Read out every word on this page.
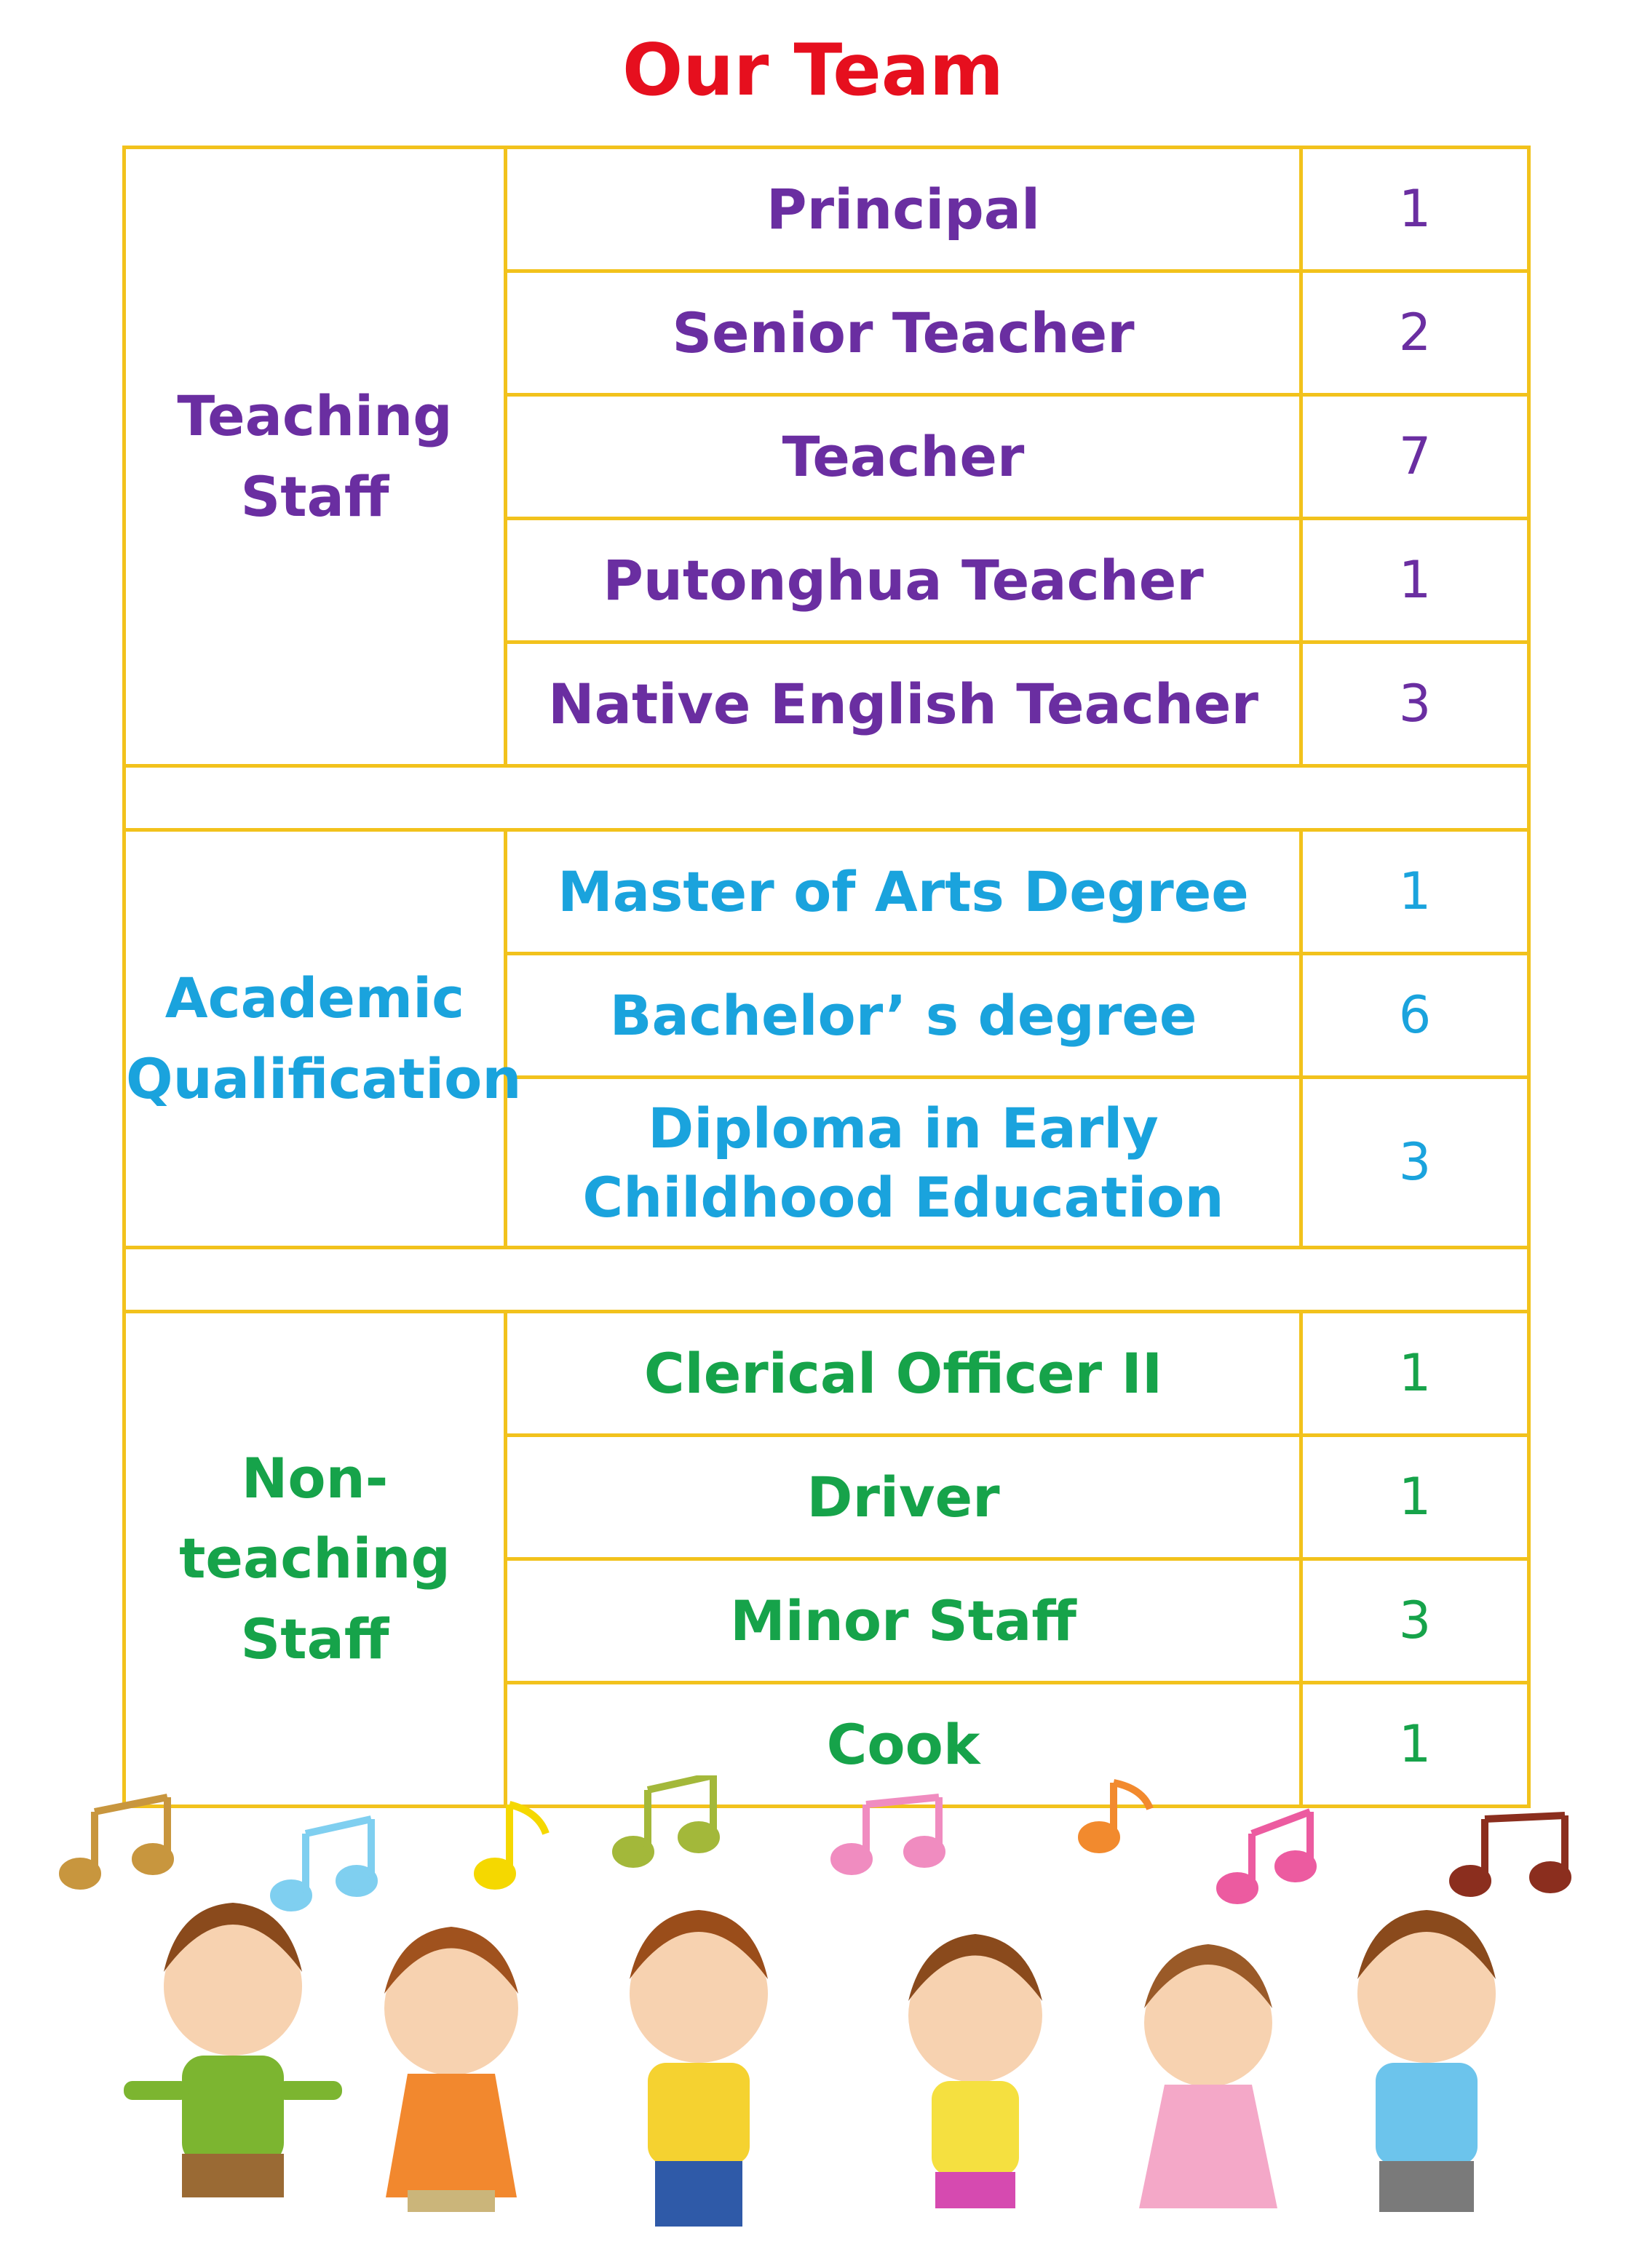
Our Team
Teaching
Staff	Principal	1
	Senior Teacher	2
	Teacher	7
	Putonghua Teacher	1
	Native English Teacher	3

Academic
Qualification	Master of Arts Degree	1
	Bachelor’ s degree	6
	Diploma in Early
Childhood Education	3

Non-
teaching
Staff	Clerical Officer II	1
	Driver	1
	Minor Staff	3
	Cook	1
